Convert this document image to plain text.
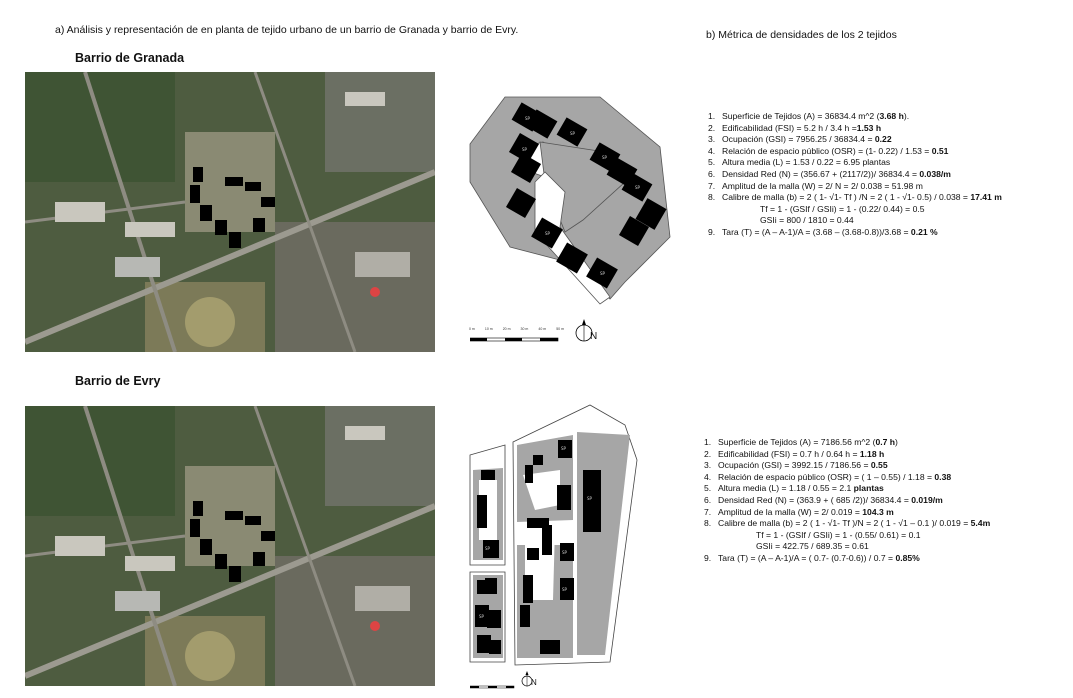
a) Análisis y representación de en planta de tejido urbano de un barrio de Granada y barrio de Evry.	b) Métrica de densidades de los 2 tejidos
Barrio de Granada
Barrio de Evry
SP
SP
SP
SP
SP
SP
SP
0 m	10 m	20 m	30 m	40 m	50 m
N
1. Superficie de Tejidos (A) = 36834.4 m^2 (3.68 h).
2. Edificabilidad (FSI) = 5.2 h / 3.4 h =1.53 h
3. Ocupación (GSI) = 7956.25 / 36834.4 = 0.22
4. Relación de espacio público (OSR) = (1- 0.22) / 1.53 = 0.51
5. Altura media (L) = 1.53 / 0.22 = 6.95 plantas
6. Densidad Red (N) = (356.67 + (2117/2))/ 36834.4 = 0.038/m
7. Amplitud de la malla (W) = 2/ N = 2/ 0.038 = 51.98 m
8. Calibre de malla (b) = 2 ( 1- √1- Tf ) /N = 2 ( 1 - √1- 0.5) / 0.038 = 17.41 m
Tf = 1 - (GSIf / GSIi) = 1 - (0.22/ 0.44) = 0.5
GSIi = 800 / 1810 = 0.44
9. Tara (T) = (A – A-1)/A = (3.68 – (3.68-0.8))/3.68 = 0.21 %
SP
SP
SP
SP
SP
SP
N
1. Superficie de Tejidos (A) = 7186.56 m^2 (0.7 h)
2. Edificabilidad (FSI) = 0.7 h / 0.64 h = 1.18 h
3. Ocupación (GSI) = 3992.15 / 7186.56 = 0.55
4. Relación de espacio público (OSR) = ( 1 – 0.55) / 1.18 = 0.38
5. Altura media (L) = 1.18 / 0.55 = 2.1 plantas
6. Densidad Red (N) = (363.9 + ( 685 /2))/ 36834.4 = 0.019/m
7. Amplitud de la malla (W) = 2/ 0.019 = 104.3 m
8. Calibre de malla (b) = 2 ( 1 - √1- Tf )/N = 2 ( 1 - √1 – 0.1 )/ 0.019 = 5.4m
Tf = 1 - (GSIf / GSIi) = 1 - (0.55/ 0.61) = 0.1
GSIi = 422.75 / 689.35 = 0.61
9. Tara (T) = (A – A-1)/A = ( 0.7- (0.7-0.6)) / 0.7 = 0.85%
